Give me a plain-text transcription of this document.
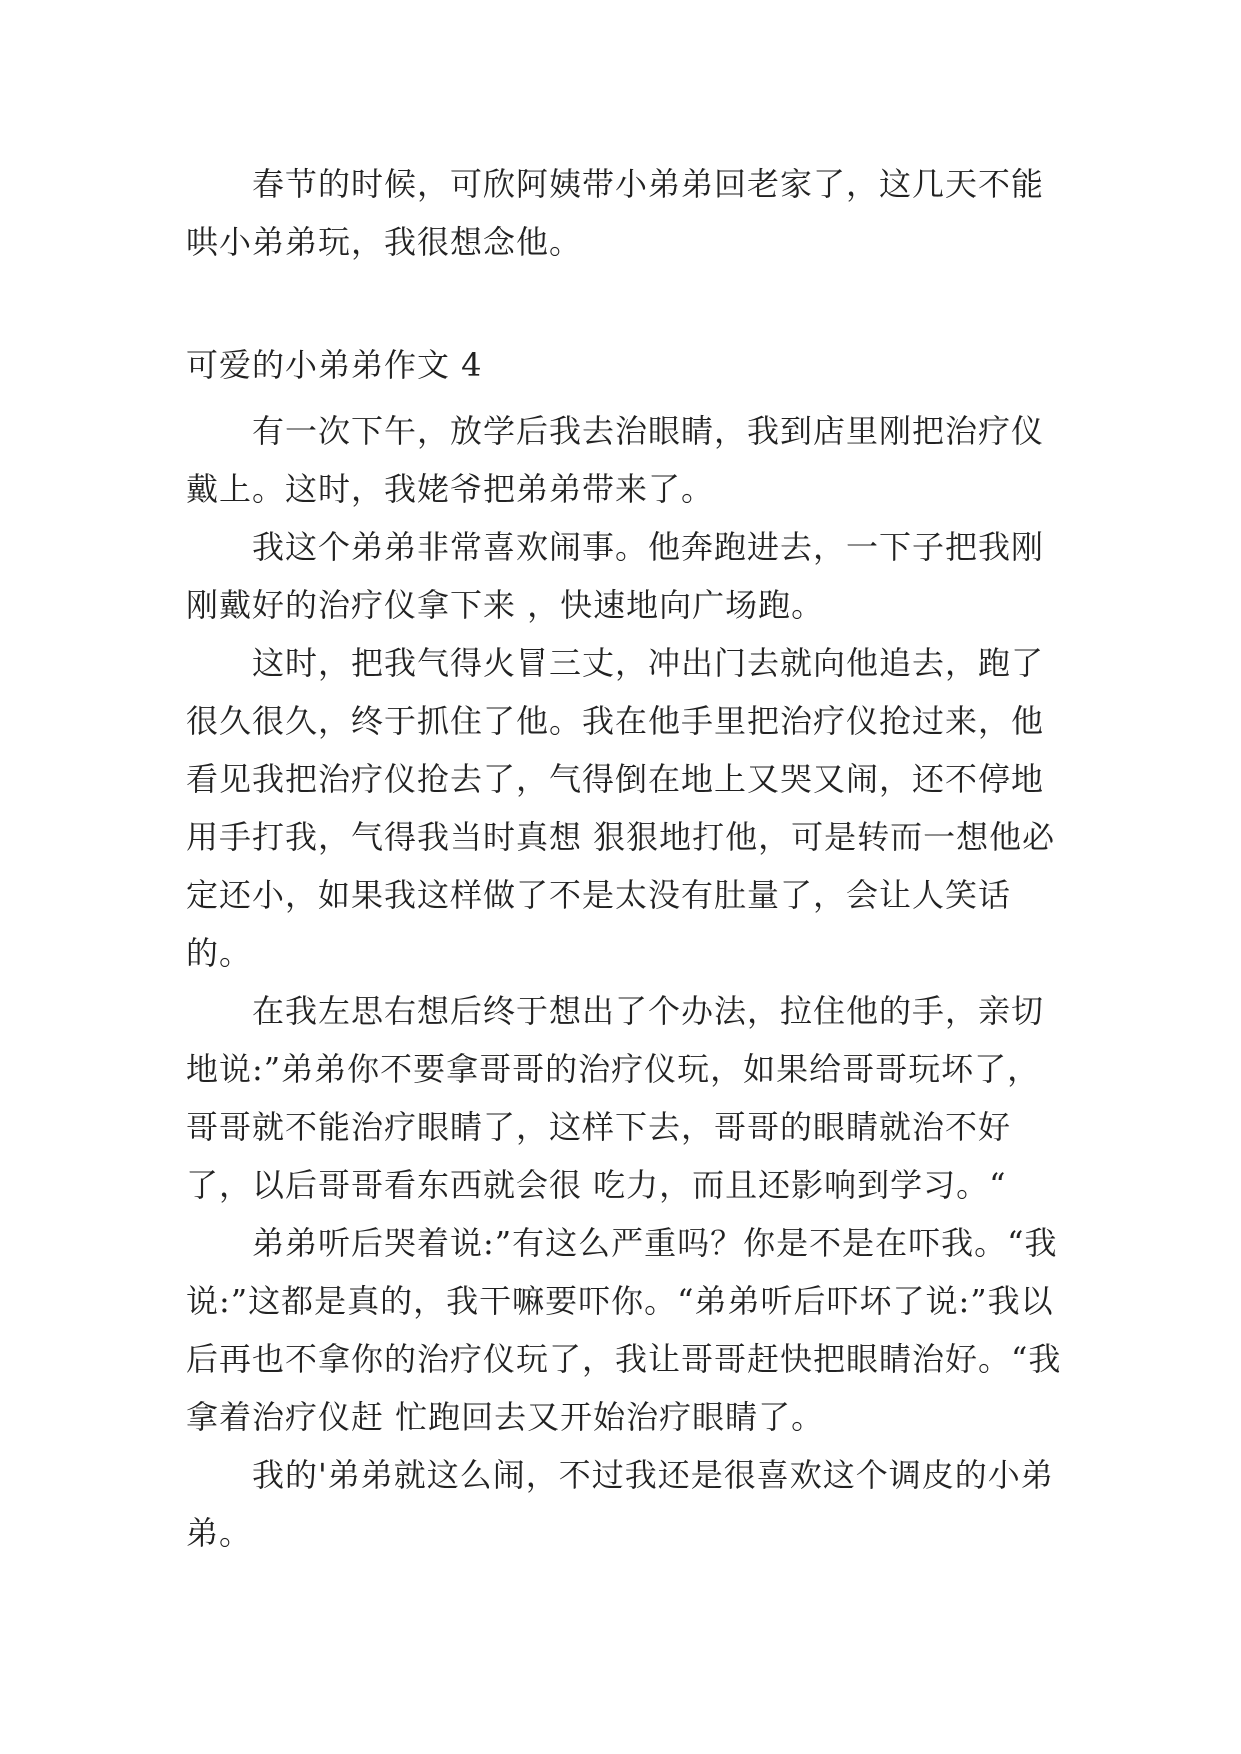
春节的时候，可欣阿姨带小弟弟回老家了，这几天不能哄小弟弟玩，我很想念他。

可爱的小弟弟作文 4

有一次下午，放学后我去治眼睛，我到店里刚把治疗仪戴上。这时，我姥爷把弟弟带来了。

我这个弟弟非常喜欢闹事。他奔跑进去，一下子把我刚刚戴好的治疗仪拿下来 ，快速地向广场跑。

这时，把我气得火冒三丈，冲出门去就向他追去，跑了很久很久，终于抓住了他。我在他手里把治疗仪抢过来，他看见我把治疗仪抢去了，气得倒在地上又哭又闹，还不停地用手打我，气得我当时真想 狠狠地打他，可是转而一想他必定还小，如果我这样做了不是太没有肚量了，会让人笑话的。

在我左思右想后终于想出了个办法，拉住他的手，亲切地说:”弟弟你不要拿哥哥的治疗仪玩，如果给哥哥玩坏了，哥哥就不能治疗眼睛了，这样下去，哥哥的眼睛就治不好了，以后哥哥看东西就会很 吃力，而且还影响到学习。“

弟弟听后哭着说:”有这么严重吗？你是不是在吓我。“我说:”这都是真的，我干嘛要吓你。“弟弟听后吓坏了说:”我以后再也不拿你的治疗仪玩了，我让哥哥赶快把眼睛治好。“我拿着治疗仪赶 忙跑回去又开始治疗眼睛了。

我的'弟弟就这么闹，不过我还是很喜欢这个调皮的小弟弟。
